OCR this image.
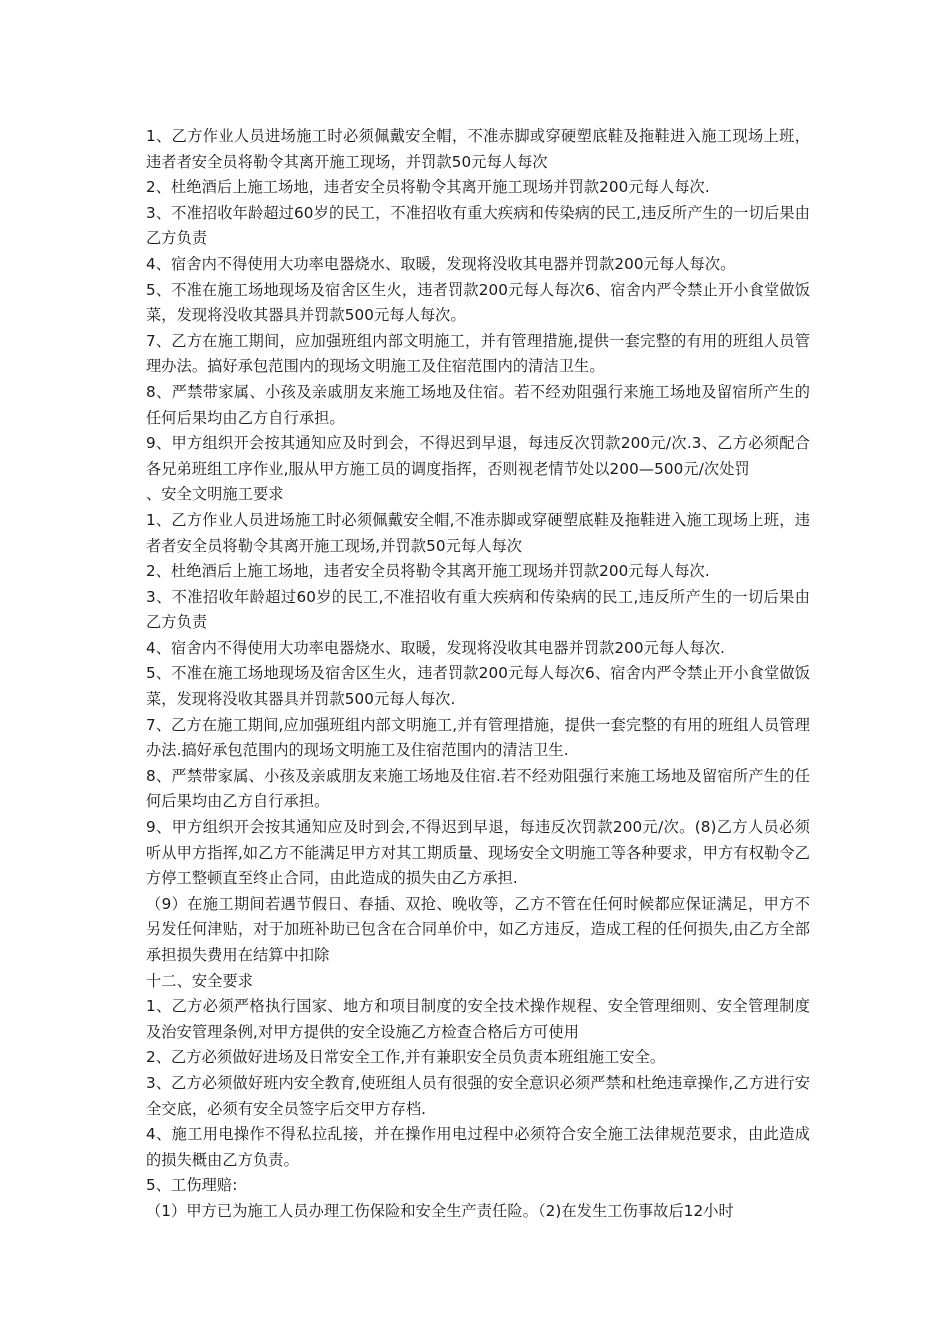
1、乙方作业人员进场施工时必须佩戴安全帽，不准赤脚或穿硬塑底鞋及拖鞋进入施工现场上班，违者者安全员将勒令其离开施工现场，并罚款50元每人每次

2、杜绝酒后上施工场地，违者安全员将勒令其离开施工现场并罚款200元每人每次.

3、不准招收年龄超过60岁的民工，不准招收有重大疾病和传染病的民工,违反所产生的一切后果由乙方负责

4、宿舍内不得使用大功率电器烧水、取暖，发现将没收其电器并罚款200元每人每次。

5、不准在施工场地现场及宿舍区生火，违者罚款200元每人每次6、宿舍内严令禁止开小食堂做饭菜，发现将没收其器具并罚款500元每人每次。

7、乙方在施工期间，应加强班组内部文明施工，并有管理措施,提供一套完整的有用的班组人员管理办法。搞好承包范围内的现场文明施工及住宿范围内的清洁卫生。

8、严禁带家属、小孩及亲戚朋友来施工场地及住宿。若不经劝阻强行来施工场地及留宿所产生的任何后果均由乙方自行承担。

9、甲方组织开会按其通知应及时到会，不得迟到早退，每违反次罚款200元/次.3、乙方必须配合各兄弟班组工序作业,服从甲方施工员的调度指挥，否则视老情节处以200—500元/次处罚

、安全文明施工要求

1、乙方作业人员进场施工时必须佩戴安全帽,不准赤脚或穿硬塑底鞋及拖鞋进入施工现场上班，违者者安全员将勒令其离开施工现场,并罚款50元每人每次

2、杜绝酒后上施工场地，违者安全员将勒令其离开施工现场并罚款200元每人每次.

3、不准招收年龄超过60岁的民工,不准招收有重大疾病和传染病的民工,违反所产生的一切后果由乙方负责

4、宿舍内不得使用大功率电器烧水、取暖，发现将没收其电器并罚款200元每人每次.

5、不准在施工场地现场及宿舍区生火，违者罚款200元每人每次6、宿舍内严令禁止开小食堂做饭菜，发现将没收其器具并罚款500元每人每次.

7、乙方在施工期间,应加强班组内部文明施工,并有管理措施，提供一套完整的有用的班组人员管理办法.搞好承包范围内的现场文明施工及住宿范围内的清洁卫生.

8、严禁带家属、小孩及亲戚朋友来施工场地及住宿.若不经劝阻强行来施工场地及留宿所产生的任何后果均由乙方自行承担。

9、甲方组织开会按其通知应及时到会,不得迟到早退，每违反次罚款200元/次。(8)乙方人员必须听从甲方指挥,如乙方不能满足甲方对其工期质量、现场安全文明施工等各种要求，甲方有权勒令乙方停工整顿直至终止合同，由此造成的损失由乙方承担.

（9）在施工期间若遇节假日、春插、双抢、晚收等，乙方不管在任何时候都应保证满足，甲方不另发任何津贴，对于加班补助已包含在合同单价中，如乙方违反，造成工程的任何损失,由乙方全部承担损失费用在结算中扣除

十二、安全要求

1、乙方必须严格执行国家、地方和项目制度的安全技术操作规程、安全管理细则、安全管理制度及治安管理条例,对甲方提供的安全设施乙方检查合格后方可使用

2、乙方必须做好进场及日常安全工作,并有兼职安全员负责本班组施工安全。

3、乙方必须做好班内安全教育,使班组人员有很强的安全意识必须严禁和杜绝违章操作,乙方进行安全交底，必须有安全员签字后交甲方存档.

4、施工用电操作不得私拉乱接，并在操作用电过程中必须符合安全施工法律规范要求，由此造成的损失概由乙方负责。

5、工伤理赔:

（1）甲方已为施工人员办理工伤保险和安全生产责任险。（2)在发生工伤事故后12小时
